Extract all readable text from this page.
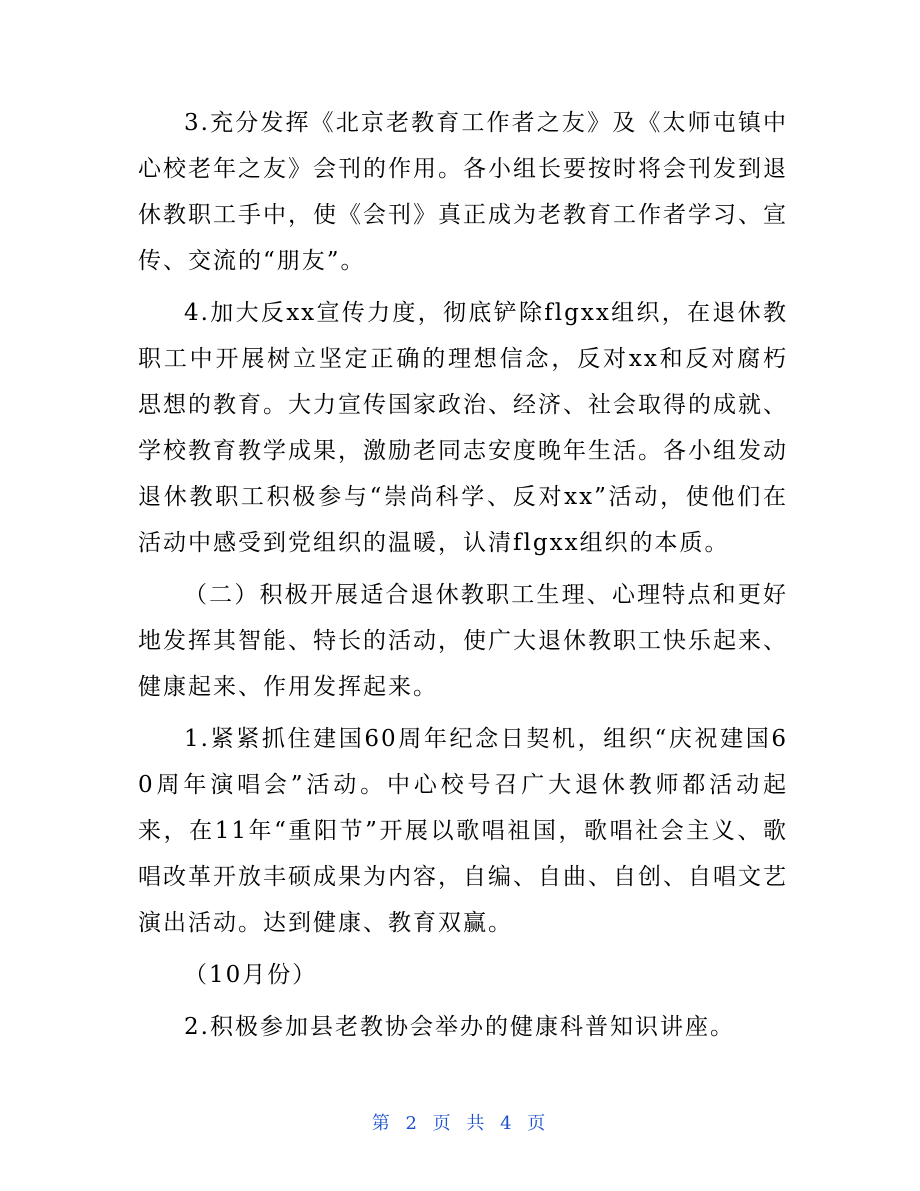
3.充分发挥《北京老教育工作者之友》及《太师屯镇中心校老年之友》会刊的作用。各小组长要按时将会刊发到退休教职工手中，使《会刊》真正成为老教育工作者学习、宣传、交流的“朋友”。

4.加大反xx宣传力度，彻底铲除flgxx组织，在退休教职工中开展树立坚定正确的理想信念，反对xx和反对腐朽思想的教育。大力宣传国家政治、经济、社会取得的成就、学校教育教学成果，激励老同志安度晚年生活。各小组发动退休教职工积极参与“崇尚科学、反对xx”活动，使他们在活动中感受到党组织的温暖，认清flgxx组织的本质。

（二）积极开展适合退休教职工生理、心理特点和更好地发挥其智能、特长的活动，使广大退休教职工快乐起来、健康起来、作用发挥起来。

1.紧紧抓住建国60周年纪念日契机，组织“庆祝建国60周年演唱会”活动。中心校号召广大退休教师都活动起来，在11年“重阳节”开展以歌唱祖国，歌唱社会主义、歌唱改革开放丰硕成果为内容，自编、自曲、自创、自唱文艺演出活动。达到健康、教育双赢。

（10月份）

2.积极参加县老教协会举办的健康科普知识讲座。

第 2 页 共 4 页
